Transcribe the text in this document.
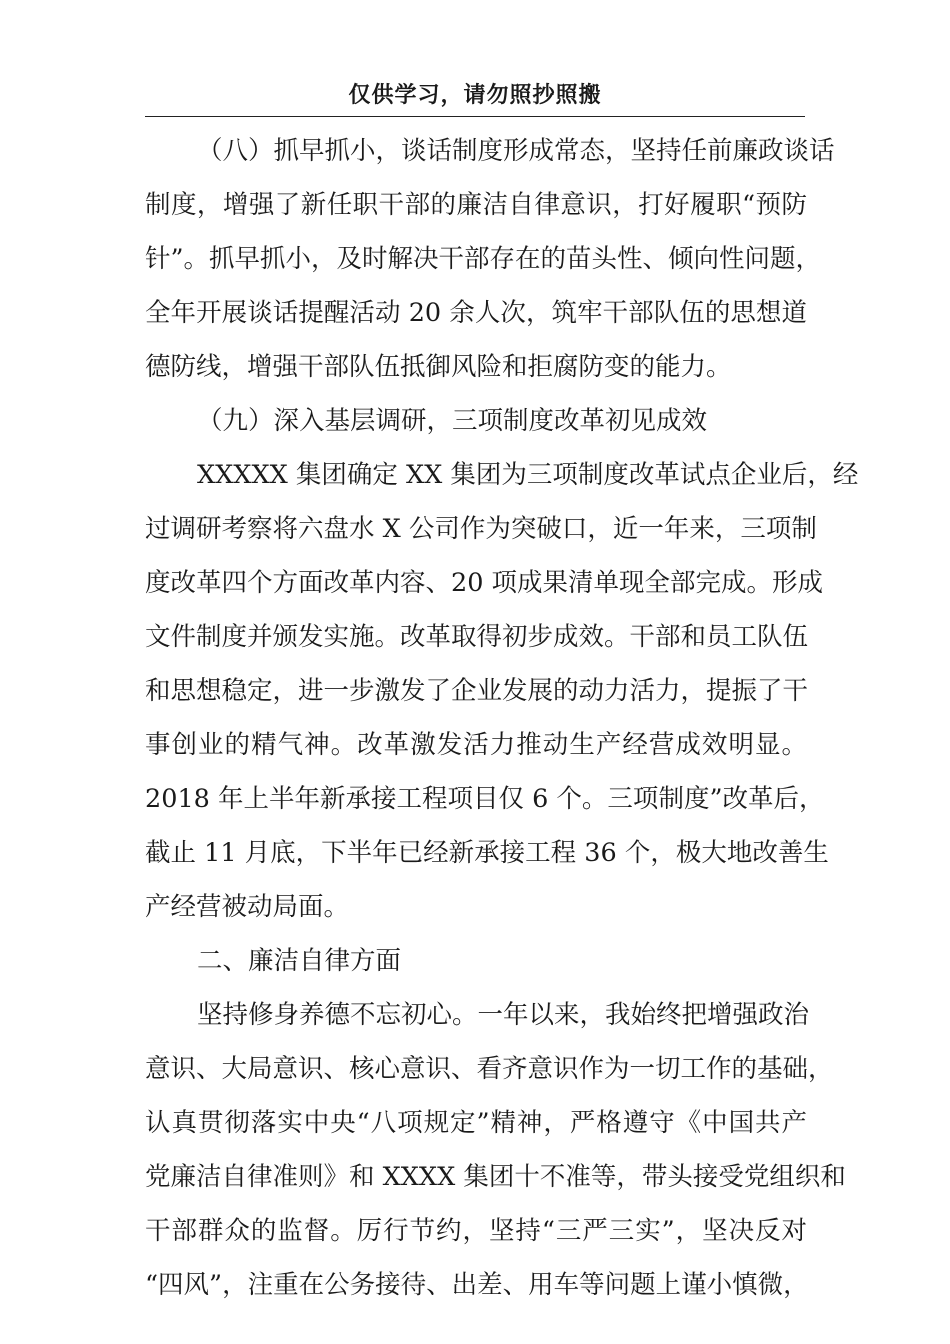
仅供学习，请勿照抄照搬
（八）抓早抓小，谈话制度形成常态，坚持任前廉政谈话
制度，增强了新任职干部的廉洁自律意识，打好履职“预防
针”。抓早抓小，及时解决干部存在的苗头性、倾向性问题，
全年开展谈话提醒活动 20 余人次，筑牢干部队伍的思想道
德防线，增强干部队伍抵御风险和拒腐防变的能力。
（九）深入基层调研，三项制度改革初见成效
XXXXX 集团确定 XX 集团为三项制度改革试点企业后，经
过调研考察将六盘水 X 公司作为突破口，近一年来，三项制
度改革四个方面改革内容、20 项成果清单现全部完成。形成
文件制度并颁发实施。改革取得初步成效。干部和员工队伍
和思想稳定，进一步激发了企业发展的动力活力，提振了干
事创业的精气神。改革激发活力推动生产经营成效明显。
2018 年上半年新承接工程项目仅 6 个。三项制度”改革后，
截止 11 月底，下半年已经新承接工程 36 个，极大地改善生
产经营被动局面。
二、廉洁自律方面
坚持修身养德不忘初心。一年以来，我始终把增强政治
意识、大局意识、核心意识、看齐意识作为一切工作的基础，
认真贯彻落实中央“八项规定”精神，严格遵守《中国共产
党廉洁自律准则》和 XXXX 集团十不准等，带头接受党组织和
干部群众的监督。厉行节约，坚持“三严三实”，坚决反对
“四风”，注重在公务接待、出差、用车等问题上谨小慎微，
